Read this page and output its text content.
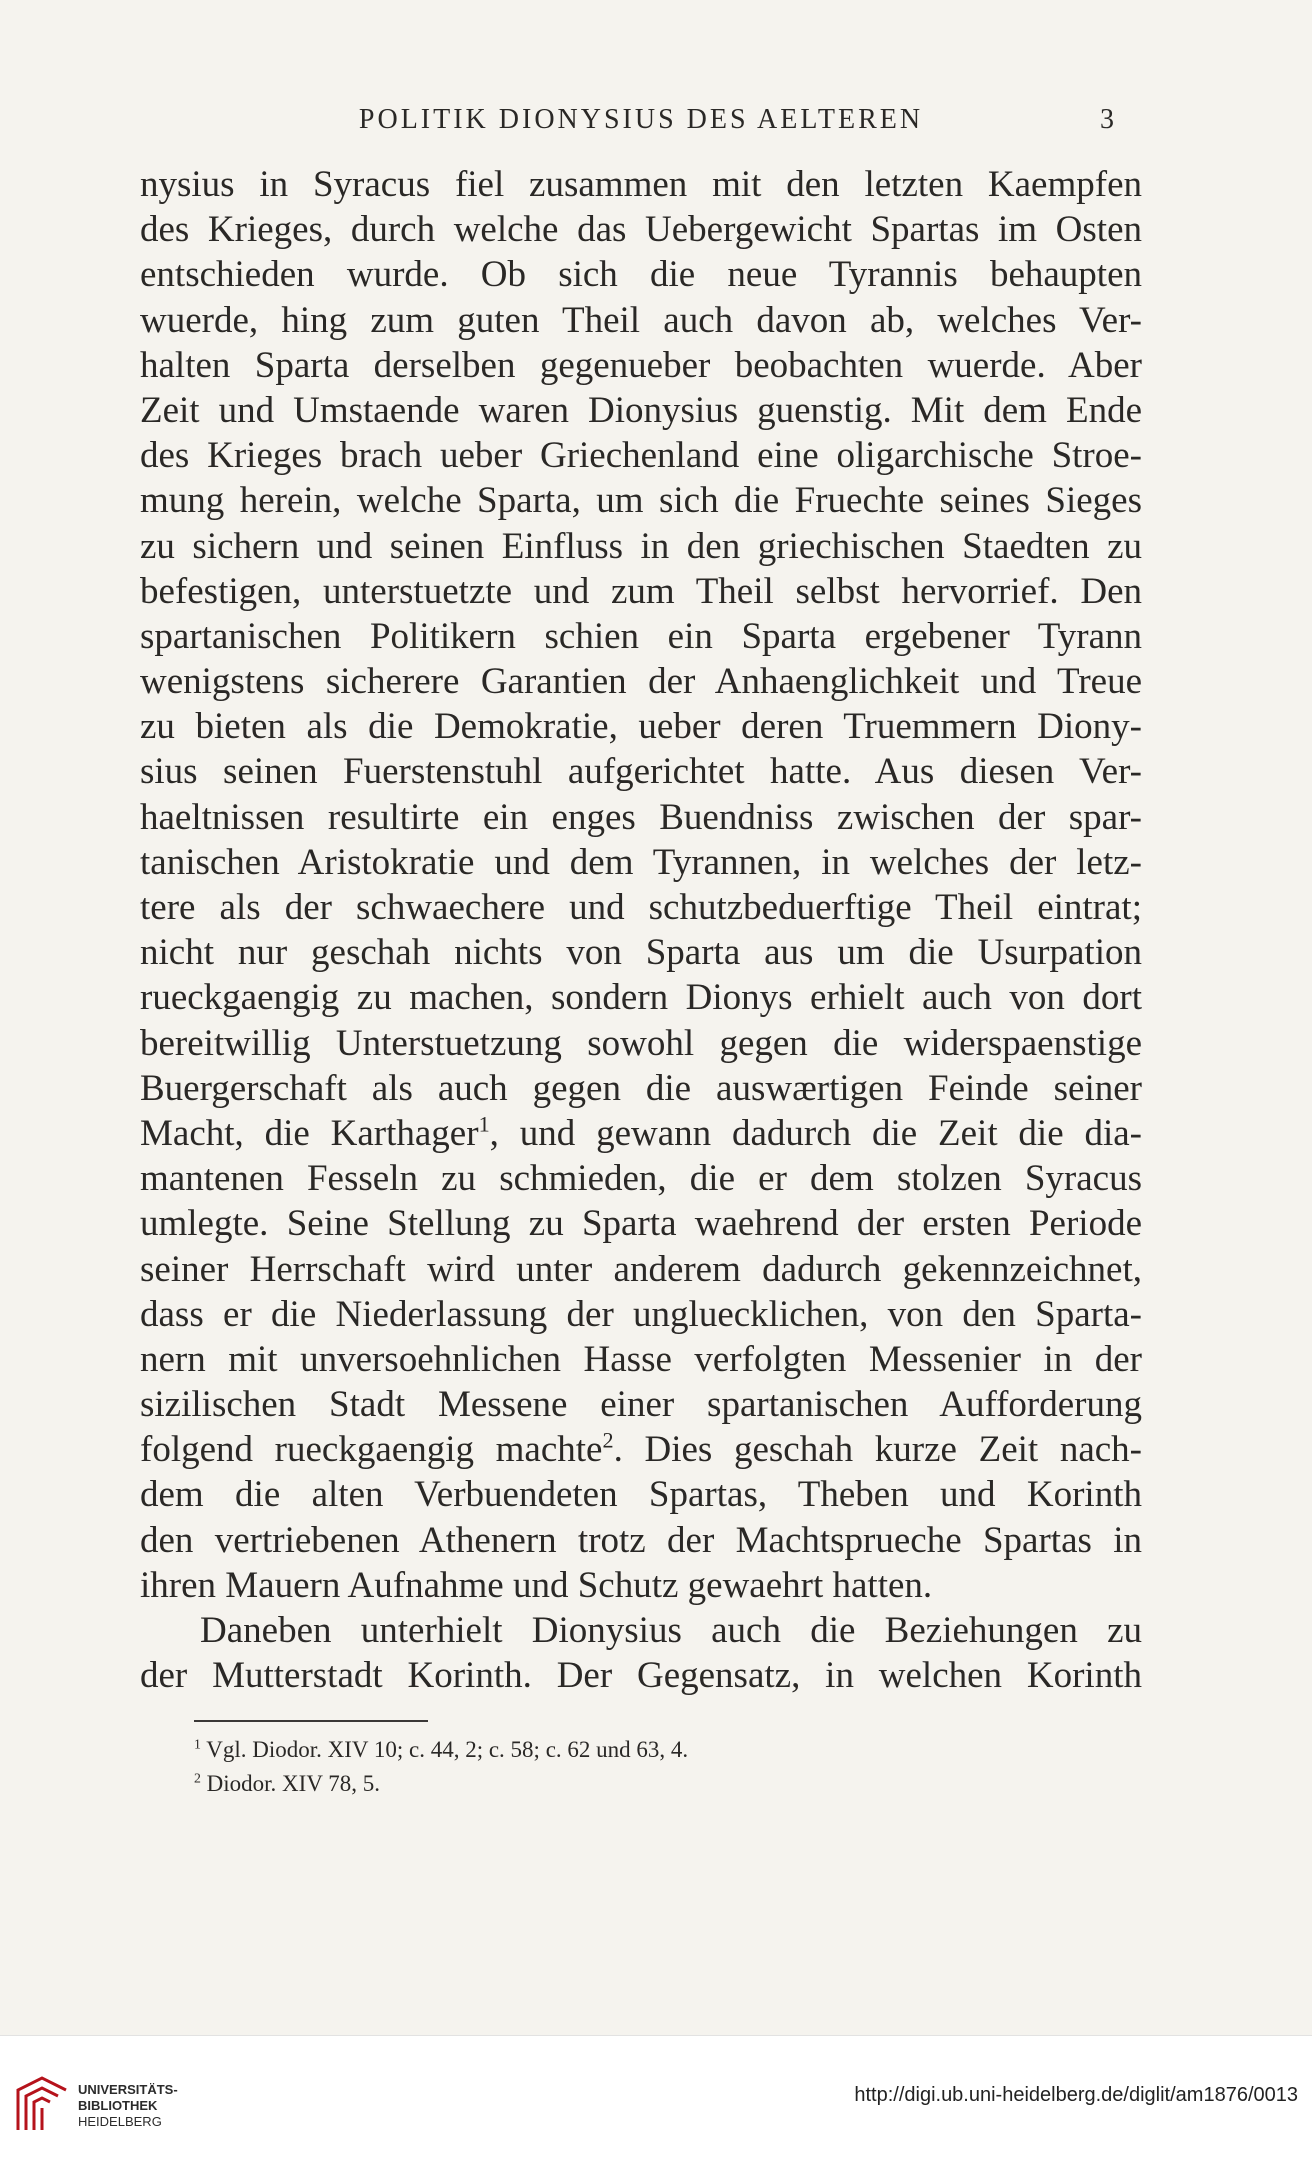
POLITIK DIONYSIUS DES AELTEREN	3
nysius in Syracus fiel zusammen mit den letzten Kaempfen
des Krieges, durch welche das Uebergewicht Spartas im Osten
entschieden wurde. Ob sich die neue Tyrannis behaupten
wuerde, hing zum guten Theil auch davon ab, welches Ver-
halten Sparta derselben gegenueber beobachten wuerde. Aber
Zeit und Umstaende waren Dionysius guenstig. Mit dem Ende
des Krieges brach ueber Griechenland eine oligarchische Stroe-
mung herein, welche Sparta, um sich die Fruechte seines Sieges
zu sichern und seinen Einfluss in den griechischen Staedten zu
befestigen, unterstuetzte und zum Theil selbst hervorrief. Den
spartanischen Politikern schien ein Sparta ergebener Tyrann
wenigstens sicherere Garantien der Anhaenglichkeit und Treue
zu bieten als die Demokratie, ueber deren Truemmern Diony-
sius seinen Fuerstenstuhl aufgerichtet hatte. Aus diesen Ver-
haeltnissen resultirte ein enges Buendniss zwischen der spar-
tanischen Aristokratie und dem Tyrannen, in welches der letz-
tere als der schwaechere und schutzbeduerftige Theil eintrat;
nicht nur geschah nichts von Sparta aus um die Usurpation
rueckgaengig zu machen, sondern Dionys erhielt auch von dort
bereitwillig Unterstuetzung sowohl gegen die widerspaenstige
Buergerschaft als auch gegen die auswærtigen Feinde seiner
Macht, die Karthager$^1$, und gewann dadurch die Zeit die dia-
mantenen Fesseln zu schmieden, die er dem stolzen Syracus
umlegte. Seine Stellung zu Sparta waehrend der ersten Periode
seiner Herrschaft wird unter anderem dadurch gekennzeichnet,
dass er die Niederlassung der ungluecklichen, von den Sparta-
nern mit unversoehnlichen Hasse verfolgten Messenier in der
sizilischen Stadt Messene einer spartanischen Aufforderung
folgend rueckgaengig machte$^2$. Dies geschah kurze Zeit nach-
dem die alten Verbuendeten Spartas, Theben und Korinth
den vertriebenen Athenern trotz der Machtsprueche Spartas in
ihren Mauern Aufnahme und Schutz gewaehrt hatten.
Daneben unterhielt Dionysius auch die Beziehungen zu
der Mutterstadt Korinth. Der Gegensatz, in welchen Korinth
$^1$ Vgl. Diodor. XIV 10; c. 44, 2; c. 58; c. 62 und 63, 4.
$^2$ Diodor. XIV 78, 5.
UNIVERSITÄTS-
BIBLIOTHEK
HEIDELBERG
http://digi.ub.uni-heidelberg.de/diglit/am1876/0013
